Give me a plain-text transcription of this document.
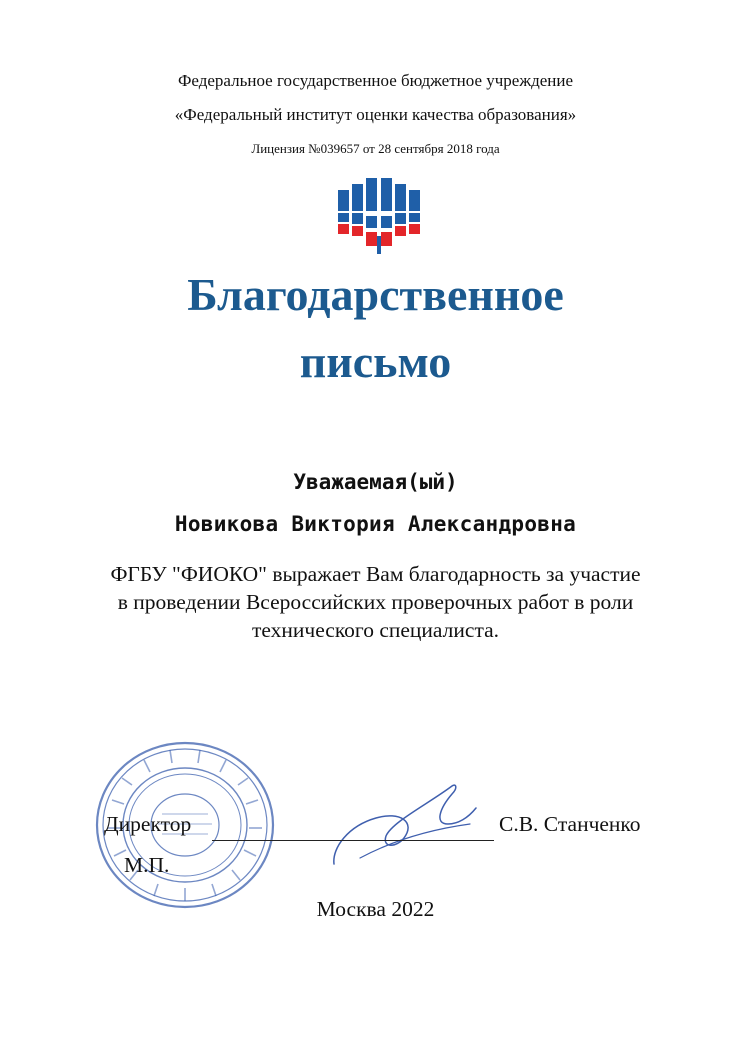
Федеральное государственное бюджетное учреждение
«Федеральный институт оценки качества образования»
Лицензия №039657 от 28 сентября 2018 года
Благодарственное
письмо
Уважаемая(ый)
Новикова Виктория Александровна
ФГБУ "ФИОКО" выражает Вам благодарность за участие
в проведении Всероссийских проверочных работ в роли
технического специалиста.
Директор	С.В. Станченко
М.П.
Москва 2022
